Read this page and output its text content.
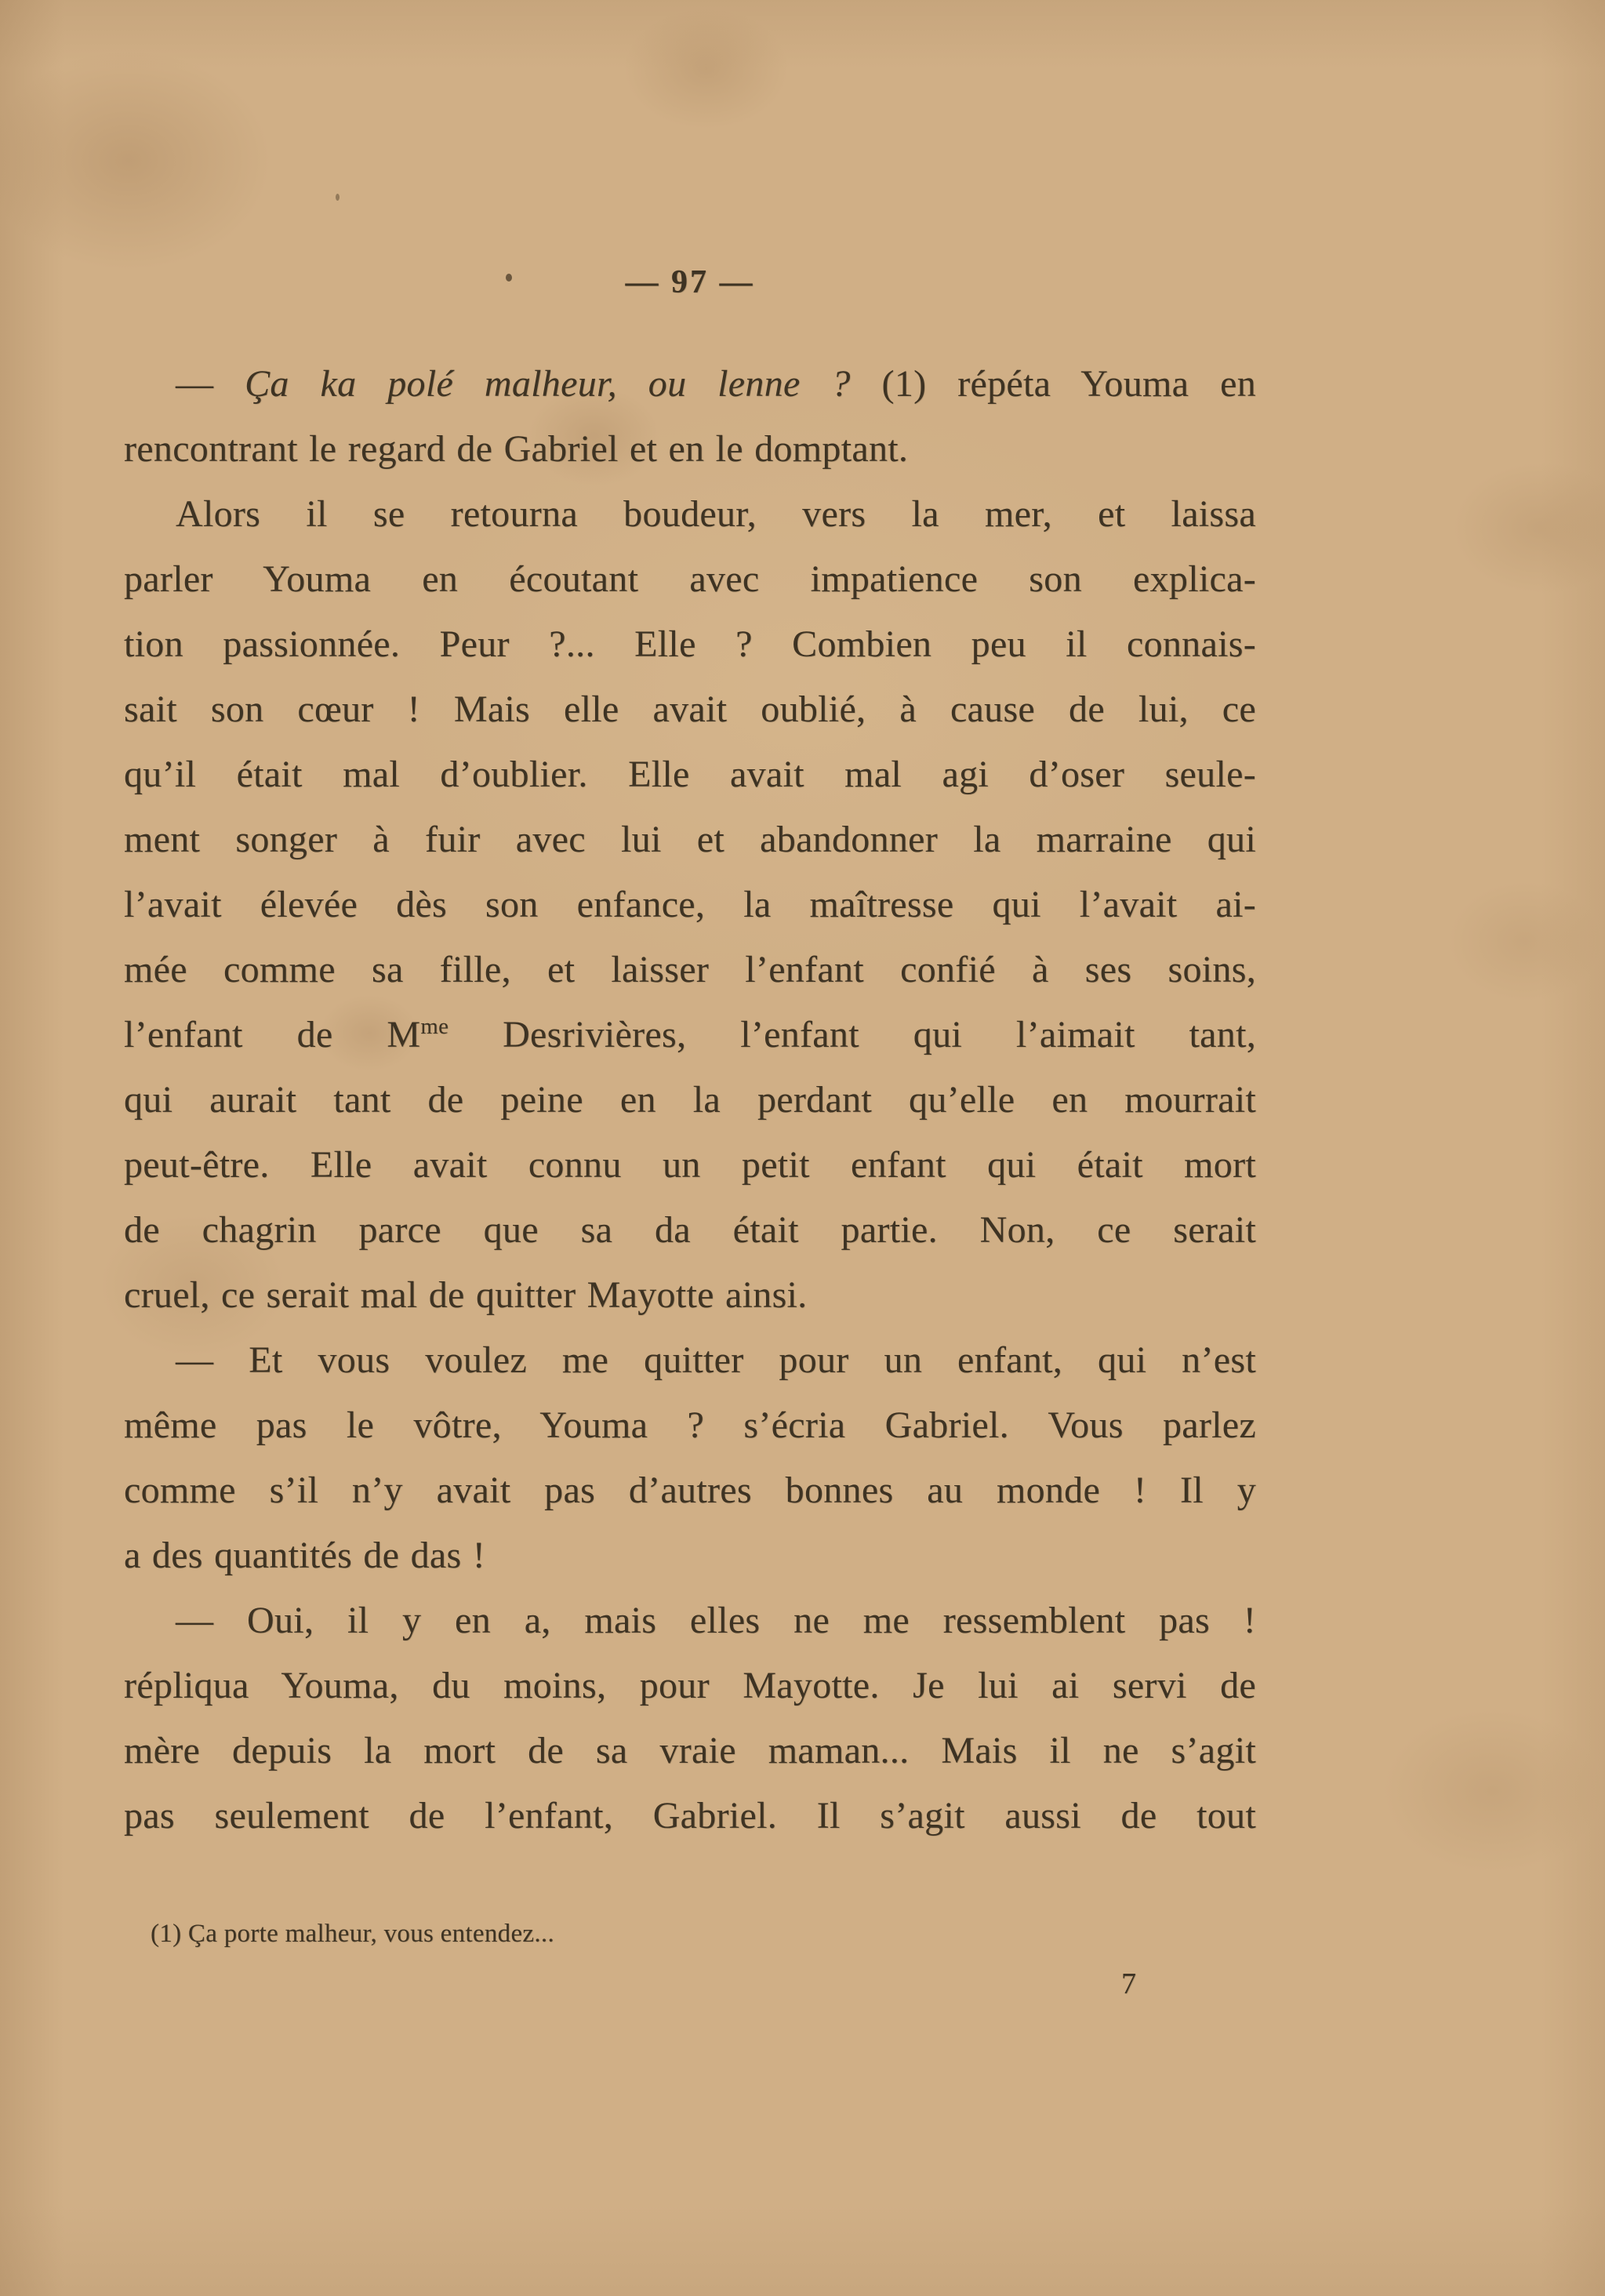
— 97 —
— Ça ka polé malheur, ou lenne ? (1) répéta Youma en
rencontrant le regard de Gabriel et en le domptant.
Alors il se retourna boudeur, vers la mer, et laissa
parler Youma en écoutant avec impatience son explica-
tion passionnée. Peur ?... Elle ? Combien peu il connais-
sait son cœur ! Mais elle avait oublié, à cause de lui, ce
qu’il était mal d’oublier. Elle avait mal agi d’oser seule-
ment songer à fuir avec lui et abandonner la marraine qui
l’avait élevée dès son enfance, la maîtresse qui l’avait ai-
mée comme sa fille, et laisser l’enfant confié à ses soins,
l’enfant de $M^{me}$ Desrivières, l’enfant qui l’aimait tant,
qui aurait tant de peine en la perdant qu’elle en mourrait
peut-être. Elle avait connu un petit enfant qui était mort
de chagrin parce que sa da était partie. Non, ce serait
cruel, ce serait mal de quitter Mayotte ainsi.
— Et vous voulez me quitter pour un enfant, qui n’est
même pas le vôtre, Youma ? s’écria Gabriel. Vous parlez
comme s’il n’y avait pas d’autres bonnes au monde ! Il y
a des quantités de das !
— Oui, il y en a, mais elles ne me ressemblent pas !
répliqua Youma, du moins, pour Mayotte. Je lui ai servi de
mère depuis la mort de sa vraie maman... Mais il ne s’agit
pas seulement de l’enfant, Gabriel. Il s’agit aussi de tout
(1) Ça porte malheur, vous entendez...
7
